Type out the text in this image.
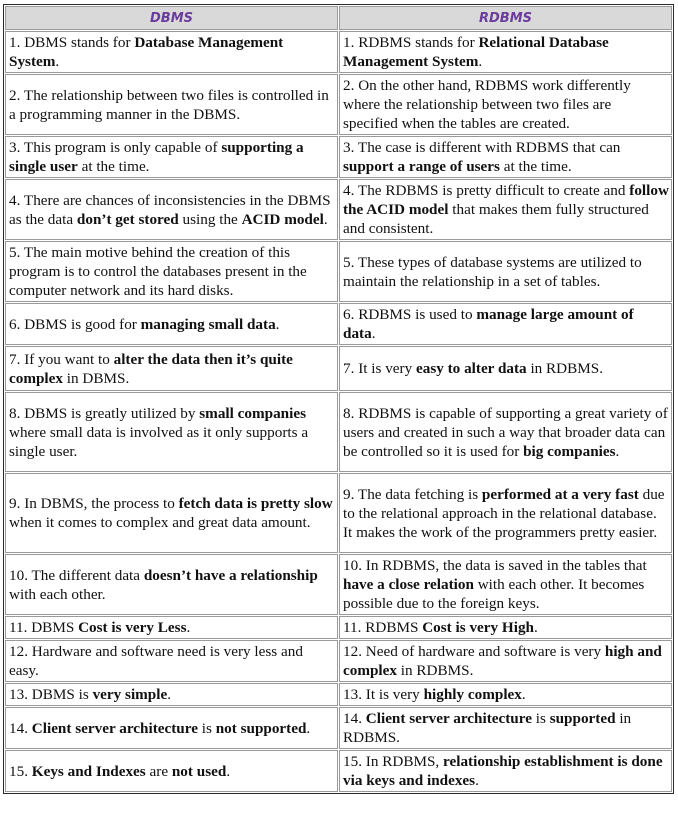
DBMS	RDBMS
1. DBMS stands for Database Management System.	1. RDBMS stands for Relational Database Management System.
2. The relationship between two files is controlled in a programming manner in the DBMS.	2. On the other hand, RDBMS work differently where the relationship between two files are specified when the tables are created.
3. This program is only capable of supporting a single user at the time.	3. The case is different with RDBMS that can support a range of users at the time.
4. There are chances of inconsistencies in the DBMS as the data don’t get stored using the ACID model.	4. The RDBMS is pretty difficult to create and follow the ACID model that makes them fully structured and consistent.
5. The main motive behind the creation of this program is to control the databases present in the computer network and its hard disks.	5. These types of database systems are utilized to maintain the relationship in a set of tables.
6. DBMS is good for managing small data.	6. RDBMS is used to manage large amount of data.
7. If you want to alter the data then it’s quite complex in DBMS.	7. It is very easy to alter data in RDBMS.
8. DBMS is greatly utilized by small companies where small data is involved as it only supports a single user.	8. RDBMS is capable of supporting a great variety of users and created in such a way that broader data can be controlled so it is used for big companies.
9. In DBMS, the process to fetch data is pretty slow when it comes to complex and great data amount.	9. The data fetching is performed at a very fast due to the relational approach in the relational database. It makes the work of the programmers pretty easier.
10. The different data doesn’t have a relationship with each other.	10. In RDBMS, the data is saved in the tables that have a close relation with each other. It becomes possible due to the foreign keys.
11. DBMS Cost is very Less.	11. RDBMS Cost is very High.
12. Hardware and software need is very less and easy.	12. Need of hardware and software is very high and complex in RDBMS.
13. DBMS is very simple.	13. It is very highly complex.
14. Client server architecture is not supported.	14. Client server architecture is supported in RDBMS.
15. Keys and Indexes are not used.	15. In RDBMS, relationship establishment is done via keys and indexes.
